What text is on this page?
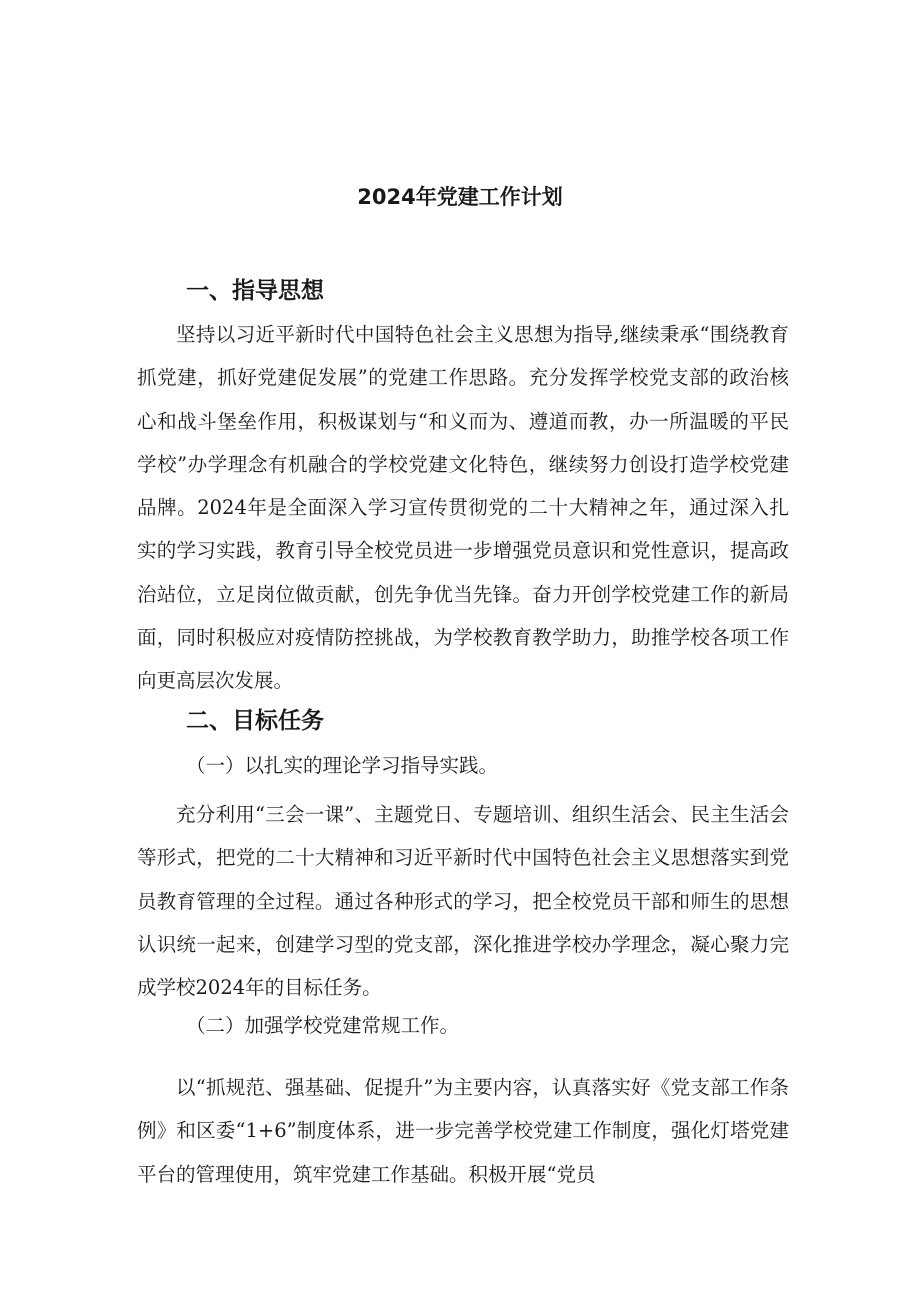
2024年党建工作计划
一、指导思想

坚持以习近平新时代中国特色社会主义思想为指导,继续秉承“围绕教育抓党建，抓好党建促发展”的党建工作思路。充分发挥学校党支部的政治核心和战斗堡垒作用，积极谋划与“和义而为、遵道而教，办一所温暖的平民学校”办学理念有机融合的学校党建文化特色，继续努力创设打造学校党建品牌。2024年是全面深入学习宣传贯彻党的二十大精神之年，通过深入扎实的学习实践，教育引导全校党员进一步增强党员意识和党性意识，提高政治站位，立足岗位做贡献，创先争优当先锋。奋力开创学校党建工作的新局面，同时积极应对疫情防控挑战，为学校教育教学助力，助推学校各项工作向更高层次发展。

二、目标任务

（一）以扎实的理论学习指导实践。

充分利用“三会一课”、主题党日、专题培训、组织生活会、民主生活会等形式，把党的二十大精神和习近平新时代中国特色社会主义思想落实到党员教育管理的全过程。通过各种形式的学习，把全校党员干部和师生的思想认识统一起来，创建学习型的党支部，深化推进学校办学理念，凝心聚力完成学校2024年的目标任务。

（二）加强学校党建常规工作。

以“抓规范、强基础、促提升”为主要内容，认真落实好《党支部工作条例》和区委“1+6”制度体系，进一步完善学校党建工作制度，强化灯塔党建平台的管理使用，筑牢党建工作基础。积极开展“党员
